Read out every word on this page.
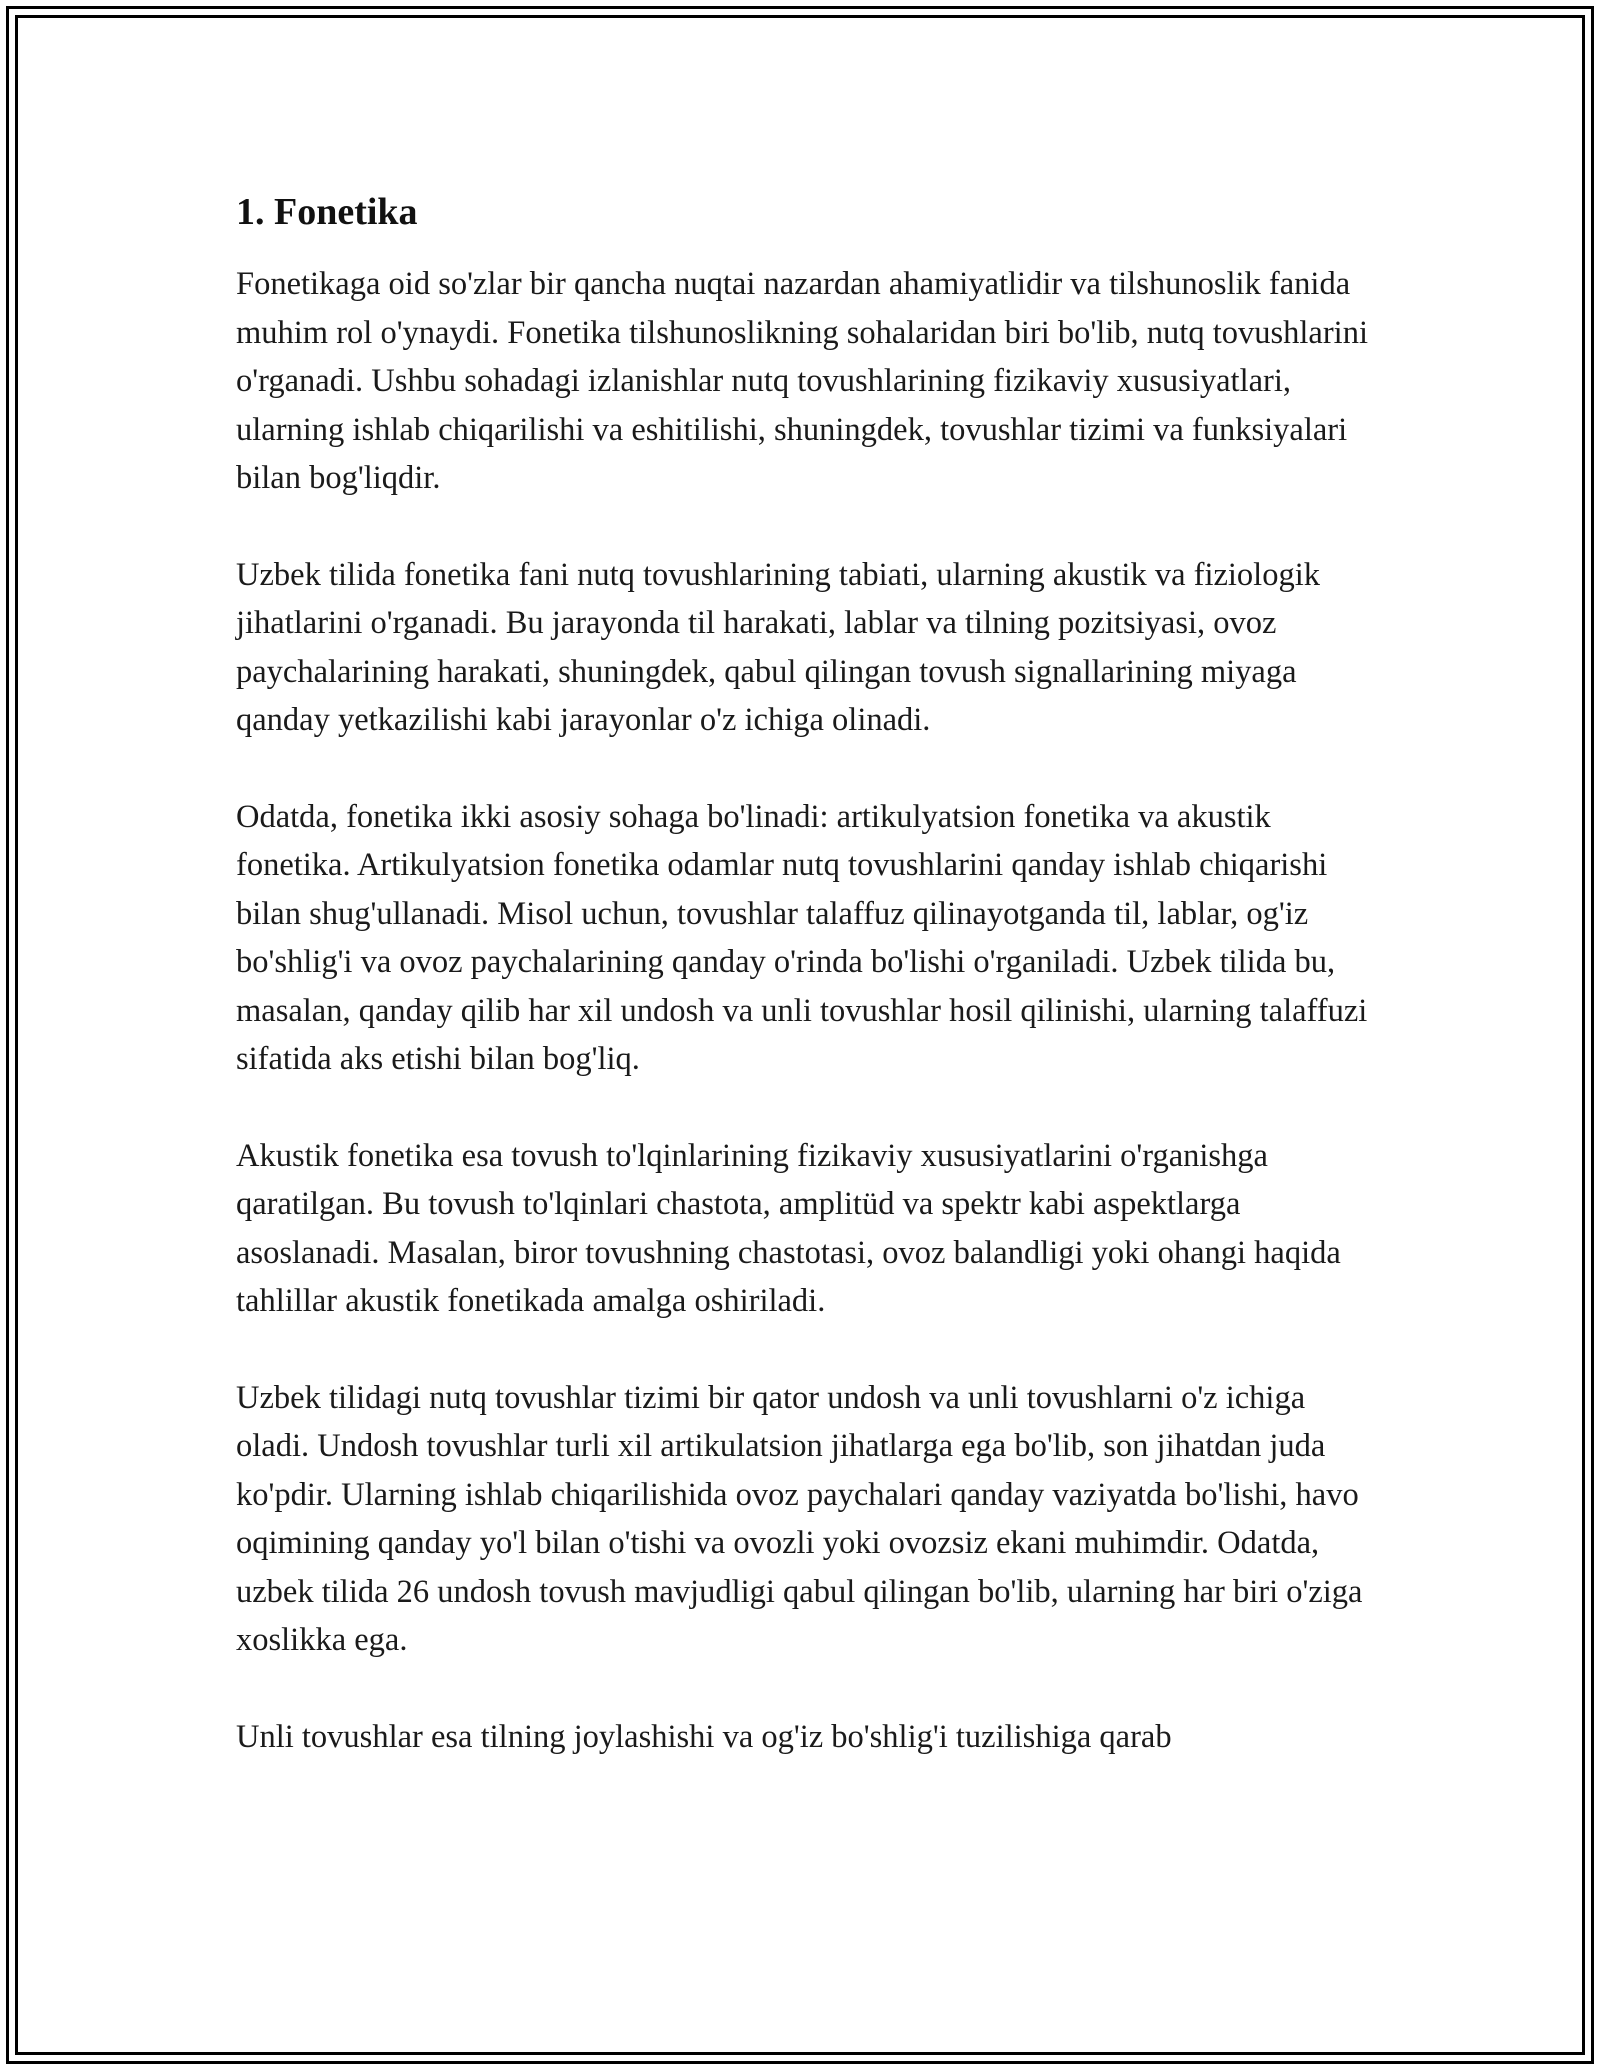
1. Fonetika

Fonetikaga oid so'zlar bir qancha nuqtai nazardan ahamiyatlidir va tilshunoslik fanida muhim rol o'ynaydi. Fonetika tilshunoslikning sohalaridan biri bo'lib, nutq tovushlarini o'rganadi. Ushbu sohadagi izlanishlar nutq tovushlarining fizikaviy xususiyatlari, ularning ishlab chiqarilishi va eshitilishi, shuningdek, tovushlar tizimi va funksiyalari bilan bog'liqdir.

Uzbek tilida fonetika fani nutq tovushlarining tabiati, ularning akustik va fiziologik jihatlarini o'rganadi. Bu jarayonda til harakati, lablar va tilning pozitsiyasi, ovoz paychalarining harakati, shuningdek, qabul qilingan tovush signallarining miyaga qanday yetkazilishi kabi jarayonlar o'z ichiga olinadi.

Odatda, fonetika ikki asosiy sohaga bo'linadi: artikulyatsion fonetika va akustik fonetika. Artikulyatsion fonetika odamlar nutq tovushlarini qanday ishlab chiqarishi bilan shug'ullanadi. Misol uchun, tovushlar talaffuz qilinayotganda til, lablar, og'iz bo'shlig'i va ovoz paychalarining qanday o'rinda bo'lishi o'rganiladi. Uzbek tilida bu, masalan, qanday qilib har xil undosh va unli tovushlar hosil qilinishi, ularning talaffuzi sifatida aks etishi bilan bog'liq.

Akustik fonetika esa tovush to'lqinlarining fizikaviy xususiyatlarini o'rganishga qaratilgan. Bu tovush to'lqinlari chastota, amplitüd va spektr kabi aspektlarga asoslanadi. Masalan, biror tovushning chastotasi, ovoz balandligi yoki ohangi haqida tahlillar akustik fonetikada amalga oshiriladi.

Uzbek tilidagi nutq tovushlar tizimi bir qator undosh va unli tovushlarni o'z ichiga oladi. Undosh tovushlar turli xil artikulatsion jihatlarga ega bo'lib, son jihatdan juda ko'pdir. Ularning ishlab chiqarilishida ovoz paychalari qanday vaziyatda bo'lishi, havo oqimining qanday yo'l bilan o'tishi va ovozli yoki ovozsiz ekani muhimdir. Odatda, uzbek tilida 26 undosh tovush mavjudligi qabul qilingan bo'lib, ularning har biri o'ziga xoslikka ega.

Unli tovushlar esa tilning joylashishi va og'iz bo'shlig'i tuzilishiga qarab
